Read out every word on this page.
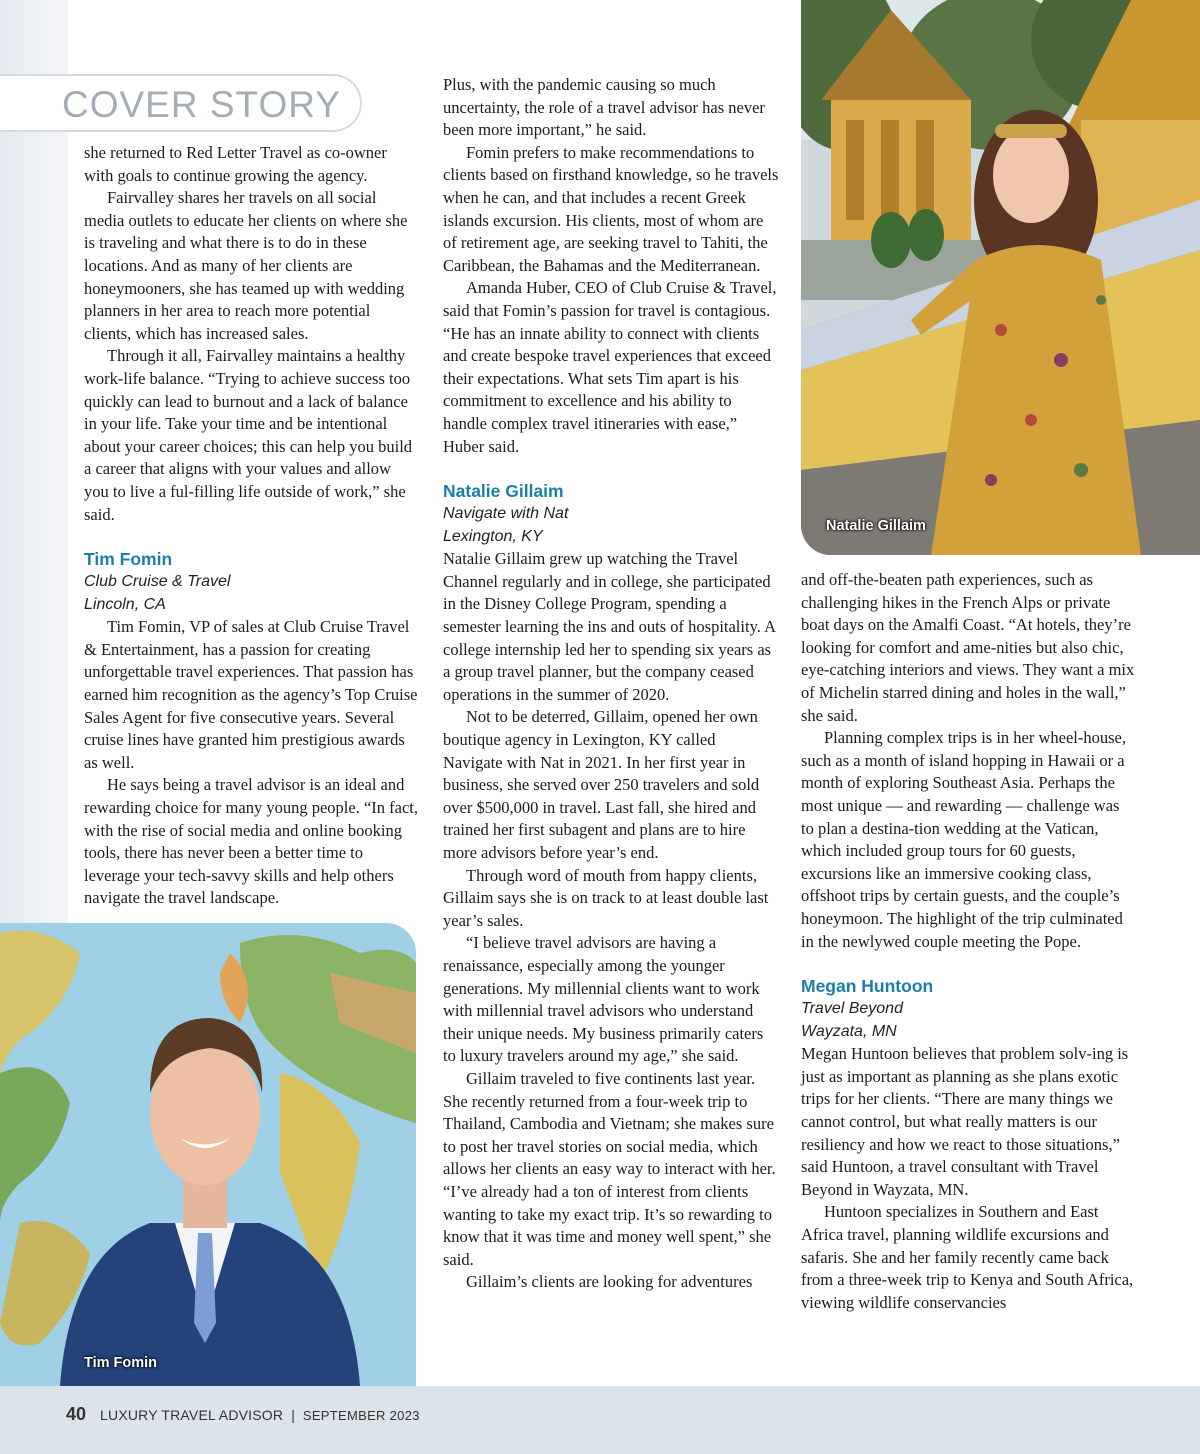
COVER STORY

she returned to Red Letter Travel as co-owner with goals to continue growing the agency.

Fairvalley shares her travels on all social media outlets to educate her clients on where she is traveling and what there is to do in these locations. And as many of her clients are honeymooners, she has teamed up with wedding planners in her area to reach more potential clients, which has increased sales.

Through it all, Fairvalley maintains a healthy work-life balance. “Trying to achieve success too quickly can lead to burnout and a lack of balance in your life. Take your time and be intentional about your career choices; this can help you build a career that aligns with your values and allow you to live a ful-filling life outside of work,” she said.

Tim Fomin
Club Cruise & Travel
Lincoln, CA

Tim Fomin, VP of sales at Club Cruise Travel & Entertainment, has a passion for creating unforgettable travel experiences. That passion has earned him recognition as the agency’s Top Cruise Sales Agent for five consecutive years. Several cruise lines have granted him prestigious awards as well.

He says being a travel advisor is an ideal and rewarding choice for many young people. “In fact, with the rise of social media and online booking tools, there has never been a better time to leverage your tech-savvy skills and help others navigate the travel landscape.

Plus, with the pandemic causing so much uncertainty, the role of a travel advisor has never been more important,” he said.

Fomin prefers to make recommendations to clients based on firsthand knowledge, so he travels when he can, and that includes a recent Greek islands excursion. His clients, most of whom are of retirement age, are seeking travel to Tahiti, the Caribbean, the Bahamas and the Mediterranean.

Amanda Huber, CEO of Club Cruise & Travel, said that Fomin’s passion for travel is contagious. “He has an innate ability to connect with clients and create bespoke travel experiences that exceed their expectations. What sets Tim apart is his commitment to excellence and his ability to handle complex travel itineraries with ease,” Huber said.

Natalie Gillaim
Navigate with Nat
Lexington, KY

Natalie Gillaim grew up watching the Travel Channel regularly and in college, she participated in the Disney College Program, spending a semester learning the ins and outs of hospitality. A college internship led her to spending six years as a group travel planner, but the company ceased operations in the summer of 2020.

Not to be deterred, Gillaim, opened her own boutique agency in Lexington, KY called Navigate with Nat in 2021. In her first year in business, she served over 250 travelers and sold over $500,000 in travel. Last fall, she hired and trained her first subagent and plans are to hire more advisors before year’s end.

Through word of mouth from happy clients, Gillaim says she is on track to at least double last year’s sales.

“I believe travel advisors are having a renaissance, especially among the younger generations. My millennial clients want to work with millennial travel advisors who understand their unique needs. My business primarily caters to luxury travelers around my age,” she said.

Gillaim traveled to five continents last year. She recently returned from a four-week trip to Thailand, Cambodia and Vietnam; she makes sure to post her travel stories on social media, which allows her clients an easy way to interact with her. “I’ve already had a ton of interest from clients wanting to take my exact trip. It’s so rewarding to know that it was time and money well spent,” she said.

Gillaim’s clients are looking for adventures

and off-the-beaten path experiences, such as challenging hikes in the French Alps or private boat days on the Amalfi Coast. “At hotels, they’re looking for comfort and ame-nities but also chic, eye-catching interiors and views. They want a mix of Michelin starred dining and holes in the wall,” she said.

Planning complex trips is in her wheel-house, such as a month of island hopping in Hawaii or a month of exploring Southeast Asia. Perhaps the most unique — and rewarding — challenge was to plan a destina-tion wedding at the Vatican, which included group tours for 60 guests, excursions like an immersive cooking class, offshoot trips by certain guests, and the couple’s honeymoon. The highlight of the trip culminated in the newlywed couple meeting the Pope.

Megan Huntoon
Travel Beyond
Wayzata, MN

Megan Huntoon believes that problem solv-ing is just as important as planning as she plans exotic trips for her clients. “There are many things we cannot control, but what really matters is our resiliency and how we react to those situations,” said Huntoon, a travel consultant with Travel Beyond in Wayzata, MN.

Huntoon specializes in Southern and East Africa travel, planning wildlife excursions and safaris. She and her family recently came back from a three-week trip to Kenya and South Africa, viewing wildlife conservancies

Natalie Gillaim
Tim Fomin
40 LUXURY TRAVEL ADVISOR | SEPTEMBER 2023
